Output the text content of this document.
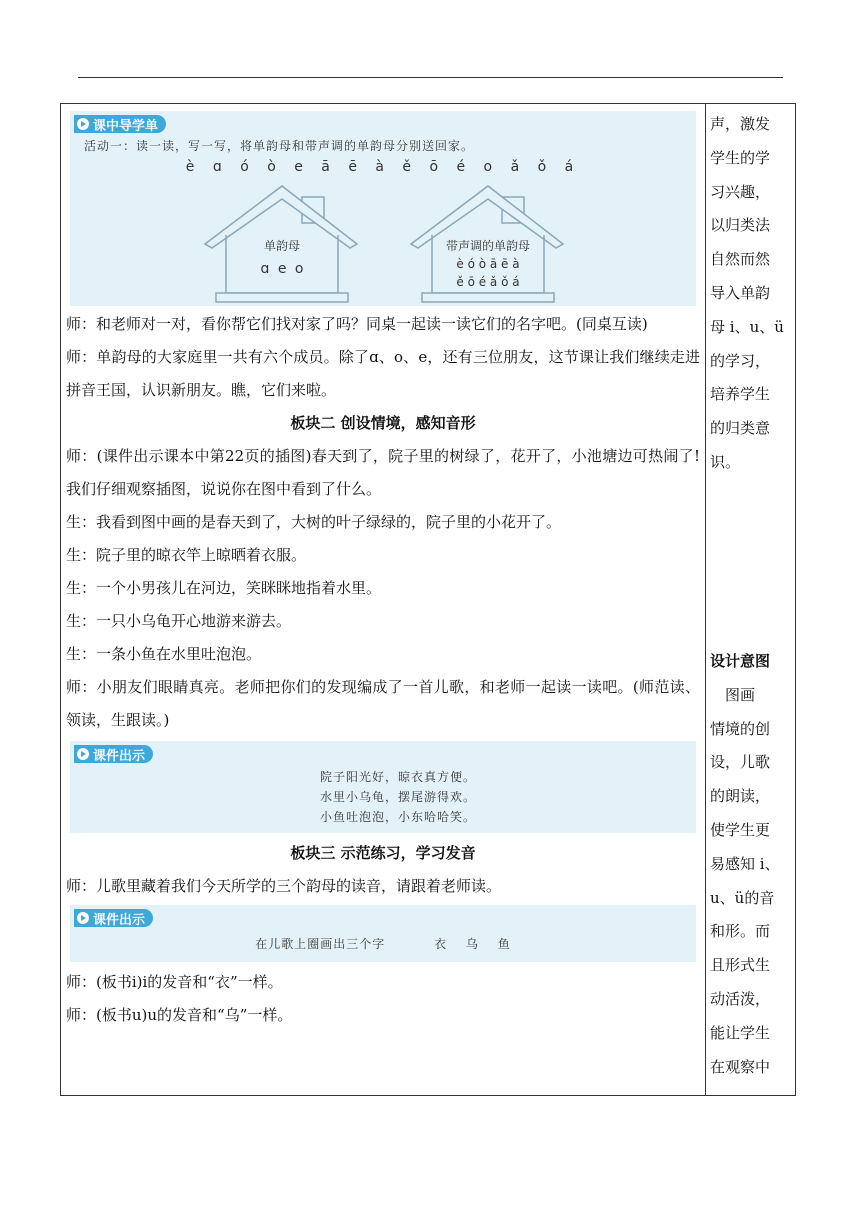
课中导学单
活动一：读一读，写一写，将单韵母和带声调的单韵母分别送回家。
è ɑ ó ò e ā ē à ě ō é o ǎ ǒ á
单韵母
ɑ e o
带声调的单韵母
è ó ò ā ē à
ě ō é ǎ ǒ á

师：和老师对一对，看你帮它们找对家了吗？同桌一起读一读它们的名字吧。(同桌互读)

师：单韵母的大家庭里一共有六个成员。除了ɑ、o、e，还有三位朋友，这节课让我们继续走进拼音王国，认识新朋友。瞧，它们来啦。

板块二 创设情境，感知音形

师：(课件出示课本中第22页的插图)春天到了，院子里的树绿了，花开了，小池塘边可热闹了!我们仔细观察插图，说说你在图中看到了什么。

生：我看到图中画的是春天到了，大树的叶子绿绿的，院子里的小花开了。

生：院子里的晾衣竿上晾晒着衣服。

生：一个小男孩儿在河边，笑眯眯地指着水里。

生：一只小乌龟开心地游来游去。

生：一条小鱼在水里吐泡泡。

师：小朋友们眼睛真亮。老师把你们的发现编成了一首儿歌，和老师一起读一读吧。(师范读、领读，生跟读。)

课件出示
院子阳光好，晾衣真方便。
水里小乌龟，摆尾游得欢。
小鱼吐泡泡，小东哈哈笑。

板块三 示范练习，学习发音

师：儿歌里藏着我们今天所学的三个韵母的读音，请跟着老师读。

课件出示
在儿歌上圈画出三个字	衣 乌 鱼

师：(板书i)i的发音和“衣”一样。

师：(板书u)u的发音和“乌”一样。

声，激发

学生的学

习兴趣，

以归类法

自然而然

导入单韵

母 i、u、ü

的学习，

培养学生

的归类意

识。

设计意图

　图画

情境的创

设，儿歌

的朗读，

使学生更

易感知 i、

u、ü的音

和形。而

且形式生

动活泼，

能让学生

在观察中
